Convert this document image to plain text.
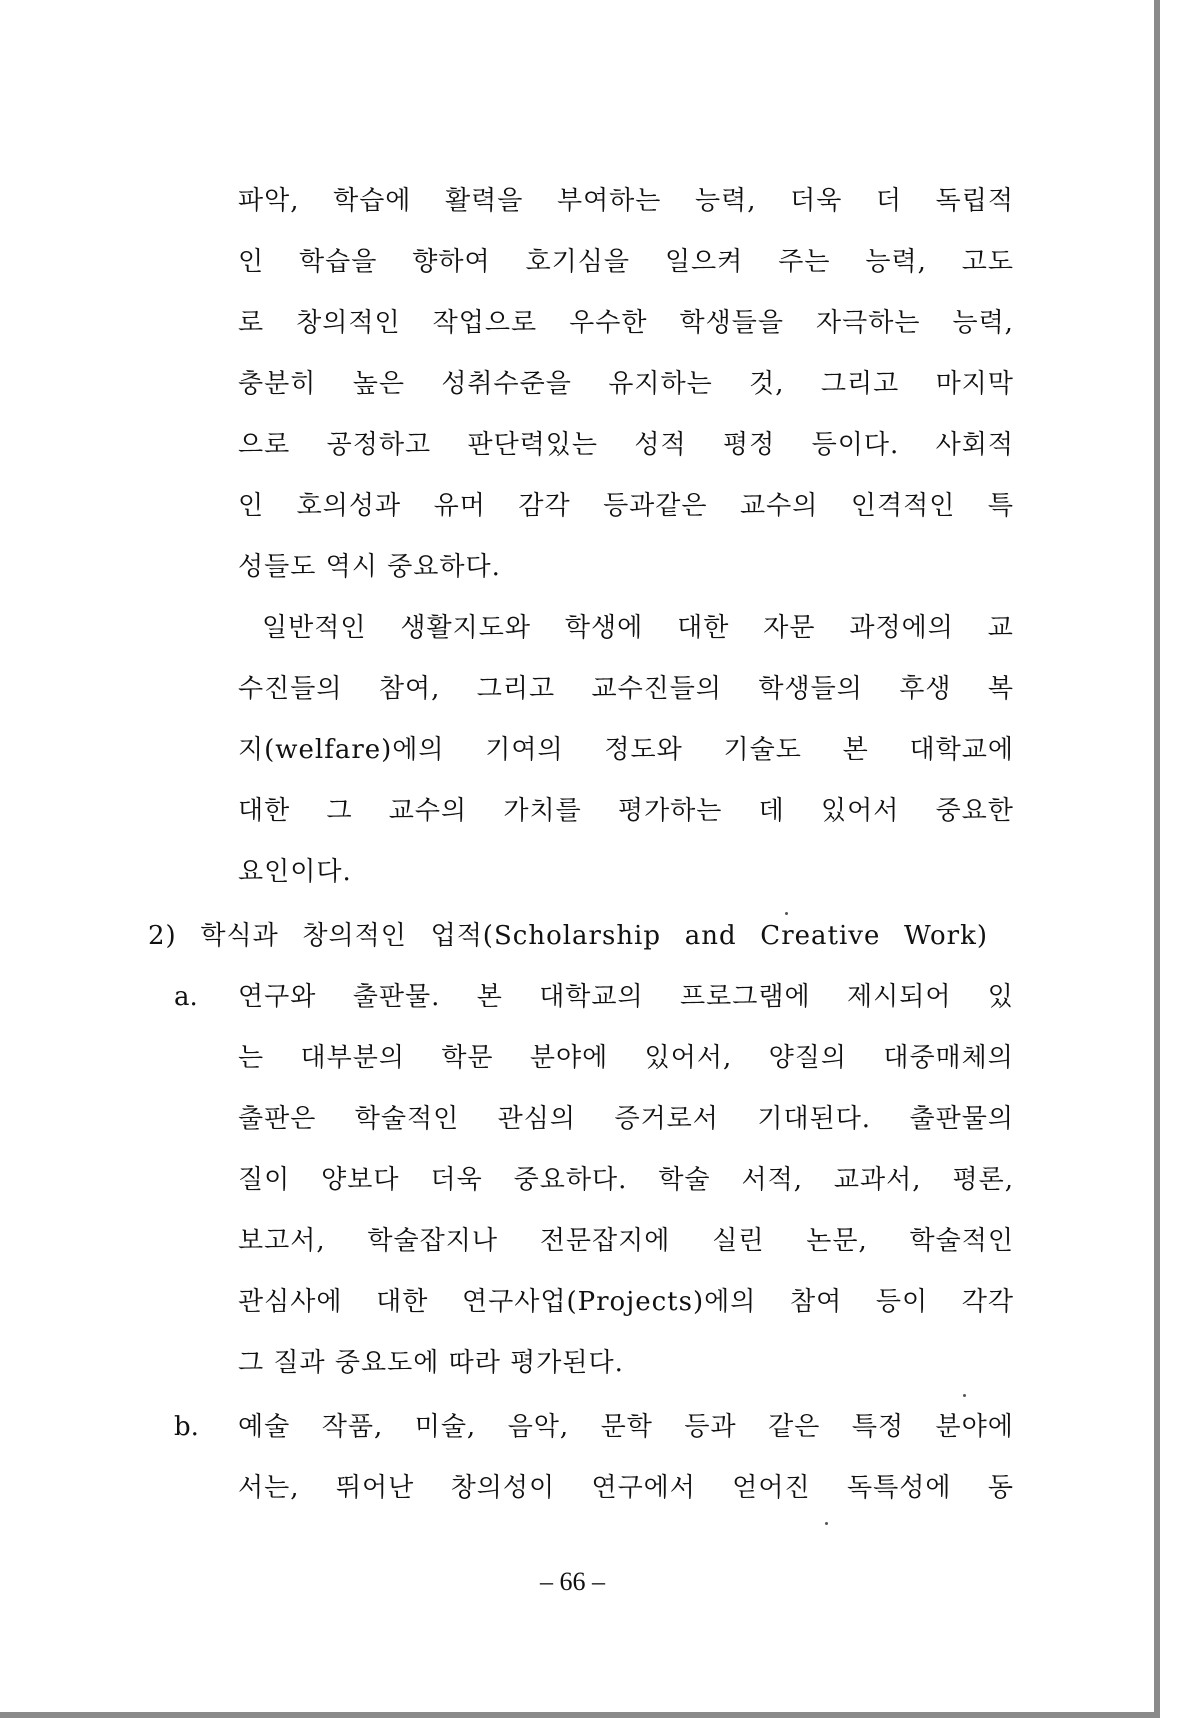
파악, 학습에 활력을 부여하는 능력, 더욱 더 독립적
인 학습을 향하여 호기심을 일으켜 주는 능력, 고도
로 창의적인 작업으로 우수한 학생들을 자극하는 능력,
충분히 높은 성취수준을 유지하는 것, 그리고 마지막
으로 공정하고 판단력있는 성적 평정 등이다. 사회적
인 호의성과 유머 감각 등과같은 교수의 인격적인 특
성들도 역시 중요하다.
일반적인 생활지도와 학생에 대한 자문 과정에의 교
수진들의 참여, 그리고 교수진들의 학생들의 후생 복
지(welfare)에의 기여의 정도와 기술도 본 대학교에
대한 그 교수의 가치를 평가하는 데 있어서 중요한
요인이다.
2) 학식과 창의적인 업적(Scholarship and Creative Work)
a. 연구와 출판물. 본 대학교의 프로그램에 제시되어 있
는 대부분의 학문 분야에 있어서, 양질의 대중매체의
출판은 학술적인 관심의 증거로서 기대된다. 출판물의
질이 양보다 더욱 중요하다. 학술 서적, 교과서, 평론,
보고서, 학술잡지나 전문잡지에 실린 논문, 학술적인
관심사에 대한 연구사업(Projects)에의 참여 등이 각각
그 질과 중요도에 따라 평가된다.
b. 예술 작품, 미술, 음악, 문학 등과 같은 특정 분야에
서는, 뛰어난 창의성이 연구에서 얻어진 독특성에 동
– 66 –
